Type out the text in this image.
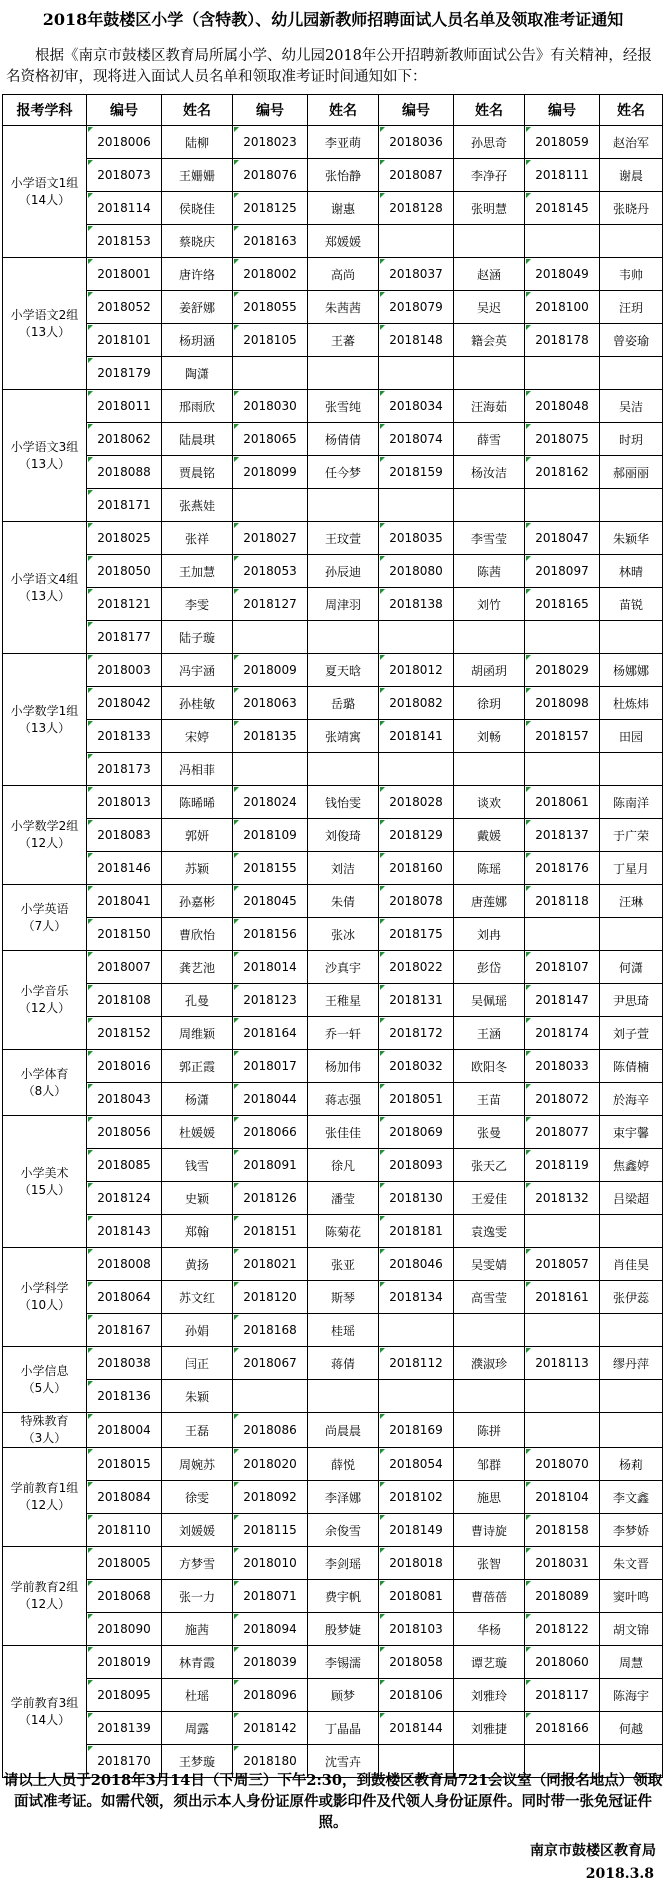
2018年鼓楼区小学（含特教）、幼儿园新教师招聘面试人员名单及领取准考证通知
根据《南京市鼓楼区教育局所属小学、幼儿园2018年公开招聘新教师面试公告》有关精神，经报名资格初审，现将进入面试人员名单和领取准考证时间通知如下：
报考学科	编号	姓名	编号	姓名	编号	姓名	编号	姓名

小学语文1组
（14人）	2018006	陆柳	2018023	李亚萌	2018036	孙思奇	2018059	赵治军
	2018073	王姗姗	2018076	张怡静	2018087	李净孖	2018111	谢晨
	2018114	侯晓佳	2018125	谢惠	2018128	张明慧	2018145	张晓丹
	2018153	蔡晓庆	2018163	郑媛媛				

小学语文2组
（13人）	2018001	唐许络	2018002	高尚	2018037	赵涵	2018049	韦帅
	2018052	姜舒娜	2018055	朱茜茜	2018079	吴迟	2018100	汪玥
	2018101	杨玥涵	2018105	王蕃	2018148	籍会英	2018178	曾姿瑜
	2018179	陶潇						

小学语文3组
（13人）	2018011	邢雨欣	2018030	张雪纯	2018034	汪海茹	2018048	吴洁
	2018062	陆晨琪	2018065	杨倩倩	2018074	薛雪	2018075	时玥
	2018088	贾晨铭	2018099	任今梦	2018159	杨汝洁	2018162	郝丽丽
	2018171	张燕娃						

小学语文4组
（13人）	2018025	张祥	2018027	王玟萱	2018035	李雪莹	2018047	朱颖华
	2018050	王加慧	2018053	孙辰迪	2018080	陈茜	2018097	林晴
	2018121	李雯	2018127	周津羽	2018138	刘竹	2018165	苗锐
	2018177	陆子璇						

小学数学1组
（13人）	2018003	冯宇涵	2018009	夏天晗	2018012	胡函玥	2018029	杨娜娜
	2018042	孙桂敏	2018063	岳璐	2018082	徐玥	2018098	杜炼炜
	2018133	宋婷	2018135	张靖寓	2018141	刘畅	2018157	田园
	2018173	冯相菲						

小学数学2组
（12人）	2018013	陈晞晞	2018024	钱怡雯	2018028	谈欢	2018061	陈南洋
	2018083	郭妍	2018109	刘俊琦	2018129	戴媛	2018137	于广荣
	2018146	苏颖	2018155	刘洁	2018160	陈瑶	2018176	丁星月

小学英语
（7人）	2018041	孙嘉彬	2018045	朱倩	2018078	唐莲娜	2018118	汪琳
	2018150	曹欣怡	2018156	张冰	2018175	刘冉		

小学音乐
（12人）	2018007	龚艺池	2018014	沙真宇	2018022	彭岱	2018107	何潇
	2018108	孔曼	2018123	王稚星	2018131	吴佩瑶	2018147	尹思琦
	2018152	周维颖	2018164	乔一轩	2018172	王涵	2018174	刘子萱

小学体育
（8人）	2018016	郭正霞	2018017	杨加伟	2018032	欧阳冬	2018033	陈倩楠
	2018043	杨潇	2018044	蒋志强	2018051	王苗	2018072	於海辛

小学美术
（15人）	2018056	杜媛媛	2018066	张佳佳	2018069	张曼	2018077	束宇馨
	2018085	钱雪	2018091	徐凡	2018093	张天乙	2018119	焦鑫婷
	2018124	史颖	2018126	潘莹	2018130	王爱佳	2018132	吕梁超
	2018143	郑翰	2018151	陈菊花	2018181	袁逸雯		

小学科学
（10人）	2018008	黄扬	2018021	张亚	2018046	吴雯婧	2018057	肖佳昊
	2018064	苏文红	2018120	斯琴	2018134	高雪莹	2018161	张伊蕊
	2018167	孙娟	2018168	桂瑶				

小学信息
（5人）	2018038	闫正	2018067	蒋倩	2018112	濮淑珍	2018113	缪丹萍
	2018136	朱颖						

特殊教育
（3人）	2018004	王磊	2018086	尚晨晨	2018169	陈拼		

学前教育1组
（12人）	2018015	周婉苏	2018020	薛悦	2018054	邹群	2018070	杨莉
	2018084	徐雯	2018092	李泽娜	2018102	施思	2018104	李文鑫
	2018110	刘媛媛	2018115	余俊雪	2018149	曹诗旋	2018158	李梦娇

学前教育2组
（12人）	2018005	方梦雪	2018010	李剑瑶	2018018	张智	2018031	朱文晋
	2018068	张一力	2018071	费宇帆	2018081	曹蓓蓓	2018089	窦叶鸣
	2018090	施茜	2018094	殷梦婕	2018103	华杨	2018122	胡文锦

学前教育3组
（14人）	2018019	林青霞	2018039	李锡濡	2018058	谭艺璇	2018060	周慧
	2018095	杜瑶	2018096	顾梦	2018106	刘雅玲	2018117	陈海宇
	2018139	周露	2018142	丁晶晶	2018144	刘雅捷	2018166	何越
	2018170	王梦璇	2018180	沈雪卉				
请以上人员于2018年3月14日（下周三）下午2:30，到鼓楼区教育局721会议室（同报名地点）领取面试准考证。如需代领，须出示本人身份证原件或影印件及代领人身份证原件。同时带一张免冠证件照。
南京市鼓楼区教育局
2018.3.8
